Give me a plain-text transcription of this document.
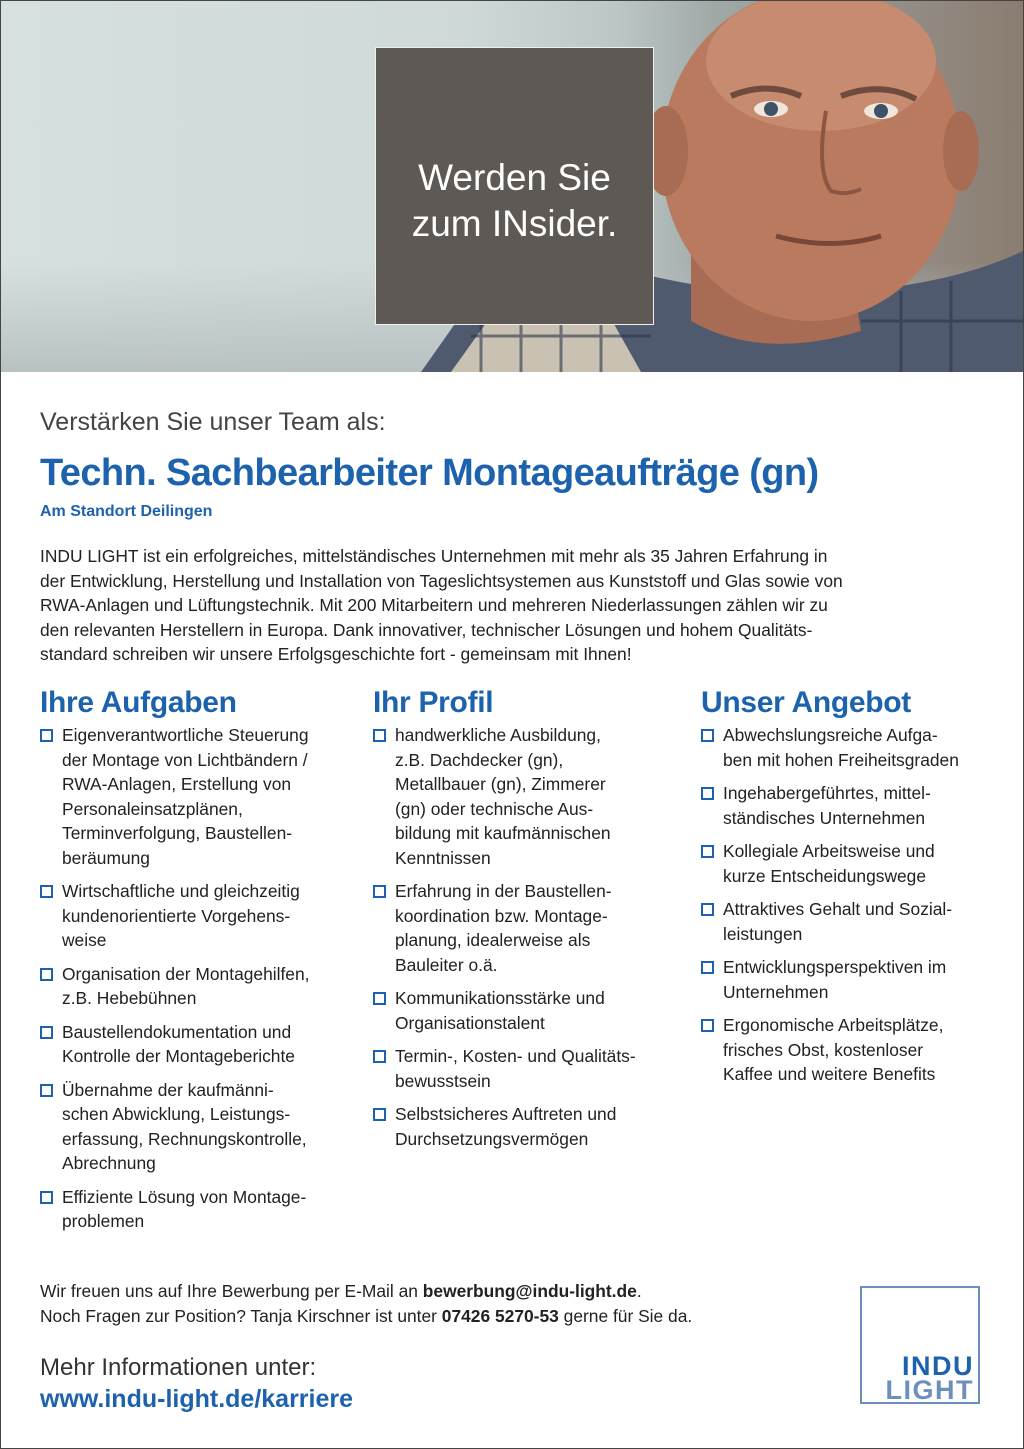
Werden Sie
zum INsider.
Verstärken Sie unser Team als:
Techn. Sachbearbeiter Montageaufträge (gn)
Am Standort Deilingen
INDU LIGHT ist ein erfolgreiches, mittelständisches Unternehmen mit mehr als 35 Jahren Erfahrung in
der Entwicklung, Herstellung und Installation von Tageslichtsystemen aus Kunststoff und Glas sowie von
RWA-Anlagen und Lüftungstechnik. Mit 200 Mitarbeitern und mehreren Niederlassungen zählen wir zu
den relevanten Herstellern in Europa. Dank innovativer, technischer Lösungen und hohem Qualitäts-
standard schreiben wir unsere Erfolgsgeschichte fort - gemeinsam mit Ihnen!
Ihre Aufgaben
Eigenverantwortliche Steuerung
der Montage von Lichtbändern /
RWA-Anlagen, Erstellung von
Personaleinsatzplänen,
Terminverfolgung, Baustellen-
beräumung
Wirtschaftliche und gleichzeitig
kundenorientierte Vorgehens-
weise
Organisation der Montagehilfen,
z.B. Hebebühnen
Baustellendokumentation und
Kontrolle der Montageberichte
Übernahme der kaufmänni-
schen Abwicklung, Leistungs-
erfassung, Rechnungskontrolle,
Abrechnung
Effiziente Lösung von Montage-
problemen
Ihr Profil
handwerkliche Ausbildung,
z.B. Dachdecker (gn),
Metallbauer (gn), Zimmerer
(gn) oder technische Aus-
bildung mit kaufmännischen
Kenntnissen
Erfahrung in der Baustellen-
koordination bzw. Montage-
planung, idealerweise als
Bauleiter o.ä.
Kommunikationsstärke und
Organisationstalent
Termin-, Kosten- und Qualitäts-
bewusstsein
Selbstsicheres Auftreten und
Durchsetzungsvermögen
Unser Angebot
Abwechslungsreiche Aufga-
ben mit hohen Freiheitsgraden
Ingehabergeführtes, mittel-
ständisches Unternehmen
Kollegiale Arbeitsweise und
kurze Entscheidungswege
Attraktives Gehalt und Sozial-
leistungen
Entwicklungsperspektiven im
Unternehmen
Ergonomische Arbeitsplätze,
frisches Obst, kostenloser
Kaffee und weitere Benefits

Wir freuen uns auf Ihre Bewerbung per E-Mail an bewerbung@indu-light.de.

Noch Fragen zur Position? Tanja Kirschner ist unter 07426 5270-53 gerne für Sie da.

Mehr Informationen unter:
www.indu-light.de/karriere
INDU
LIGHT
